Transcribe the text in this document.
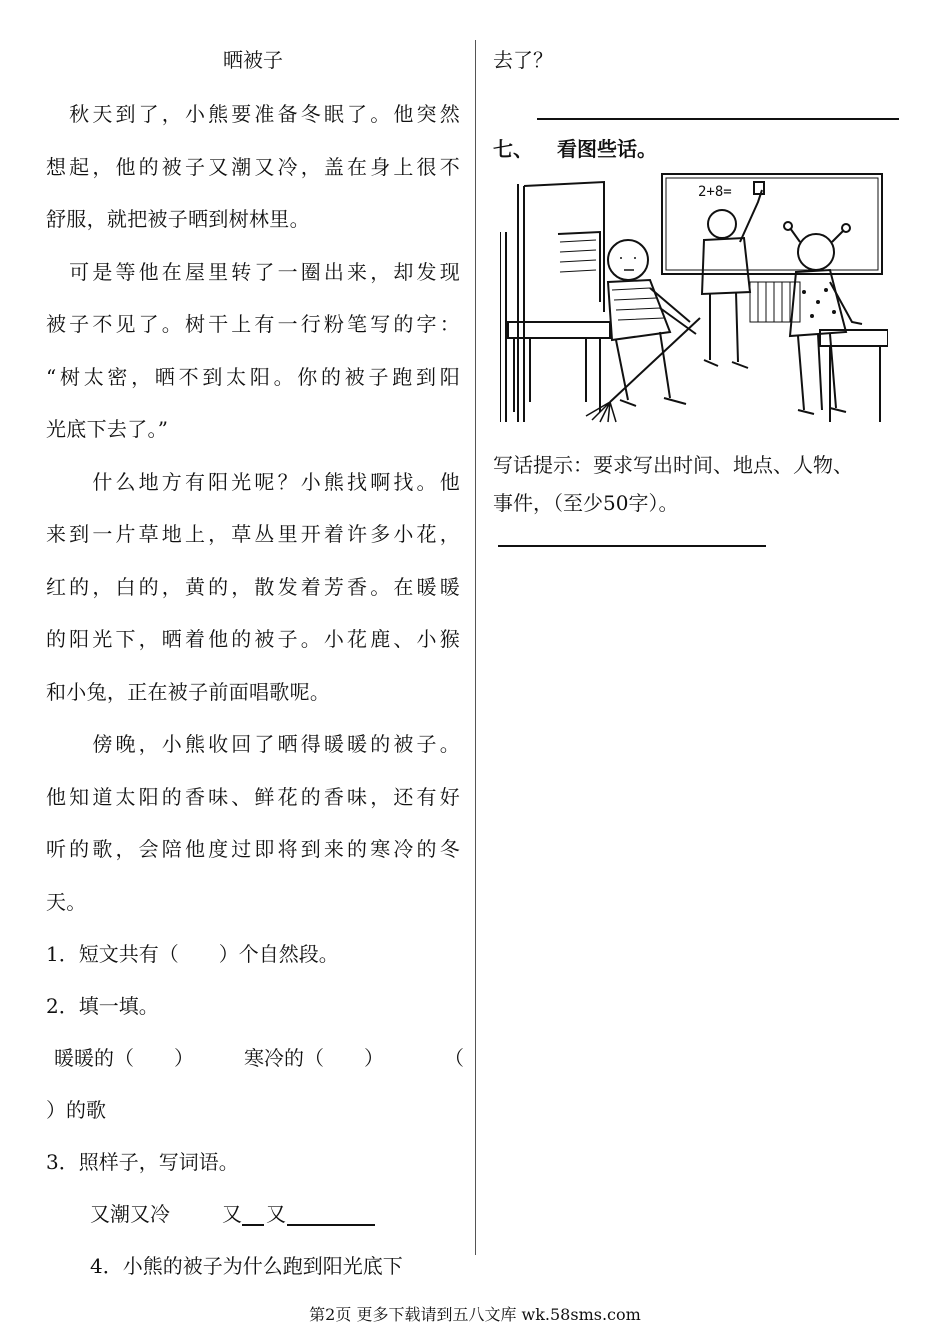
晒被子
　秋天到了，小熊要准备冬眠了。他突然
想起，他的被子又潮又冷，盖在身上很不
舒服，就把被子晒到树林里。
　可是等他在屋里转了一圈出来，却发现
被子不见了。树干上有一行粉笔写的字：
“树太密，晒不到太阳。你的被子跑到阳
光底下去了。”
　　什么地方有阳光呢？小熊找啊找。他
来到一片草地上，草丛里开着许多小花，
红的，白的，黄的，散发着芳香。在暖暖
的阳光下，晒着他的被子。小花鹿、小猴
和小兔，正在被子前面唱歌呢。
　　傍晚，小熊收回了晒得暖暖的被子。
他知道太阳的香味、鲜花的香味，还有好
听的歌，会陪他度过即将到来的寒冷的冬
天。
1．短文共有（　　）个自然段。
2．填一填。
暖暖的（　　）	寒冷的（　　）	（
）的歌
3．照样子，写词语。
又潮又冷	又 又
4．小熊的被子为什么跑到阳光底下
去了？
七、 看图些话。
2+8=
写话提示：要求写出时间、地点、人物、
事件，（至少50字）。
第2页 更多下载请到五八文库 wk.58sms.com
